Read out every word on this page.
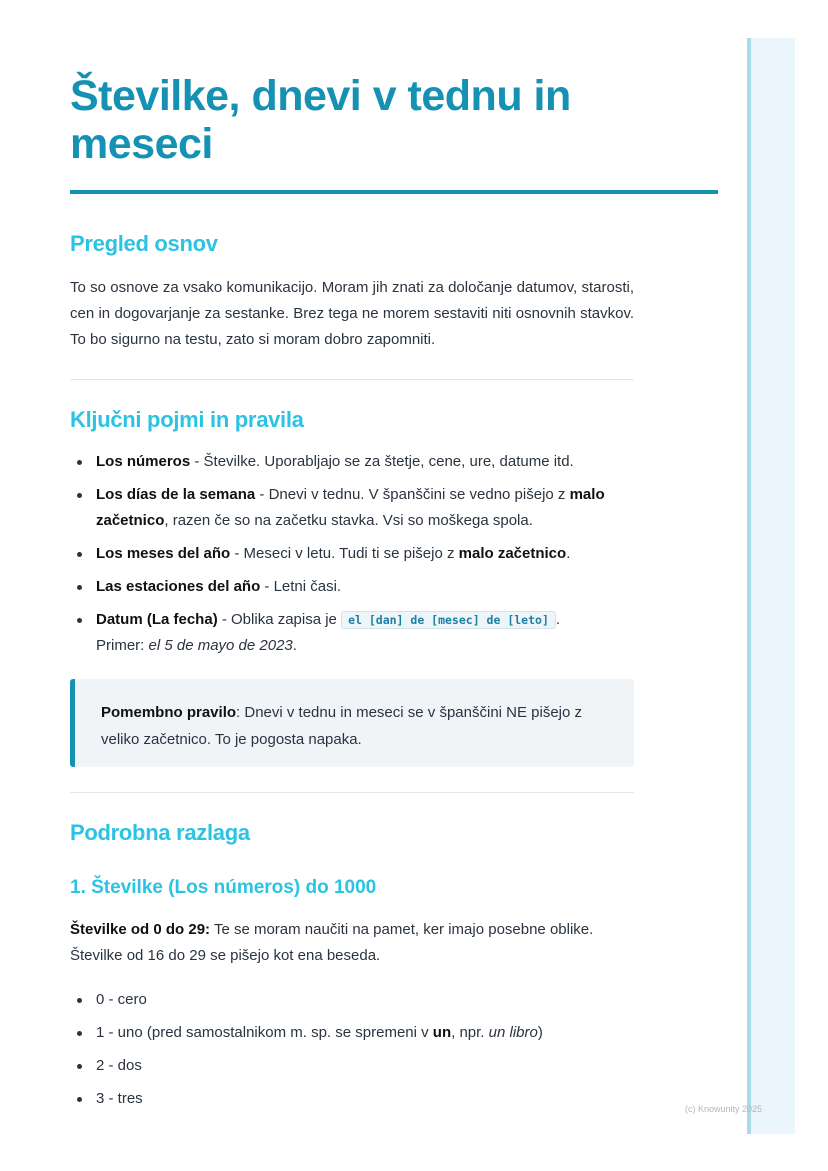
Številke, dnevi v tednu in meseci
Pregled osnov

To so osnove za vsako komunikacijo. Moram jih znati za določanje datumov, starosti, cen in dogovarjanje za sestanke. Brez tega ne morem sestaviti niti osnovnih stavkov. To bo sigurno na testu, zato si moram dobro zapomniti.

Ključni pojmi in pravila
Los números - Številke. Uporabljajo se za štetje, cene, ure, datume itd.
Los días de la semana - Dnevi v tednu. V španščini se vedno pišejo z malo začetnico, razen če so na začetku stavka. Vsi so moškega spola.
Los meses del año - Meseci v letu. Tudi ti se pišejo z malo začetnico.
Las estaciones del año - Letni časi.
Datum (La fecha) - Oblika zapisa je el [dan] de [mesec] de [leto] .
Primer: el 5 de mayo de 2023.
Pomembno pravilo: Dnevi v tednu in meseci se v španščini NE pišejo z veliko začetnico. To je pogosta napaka.
Podrobna razlaga
1. Številke (Los números) do 1000

Številke od 0 do 29: Te se moram naučiti na pamet, ker imajo posebne oblike. Številke od 16 do 29 se pišejo kot ena beseda.

0 - cero
1 - uno (pred samostalnikom m. sp. se spremeni v un, npr. un libro)
2 - dos
3 - tres
(c) Knowunity 2025
